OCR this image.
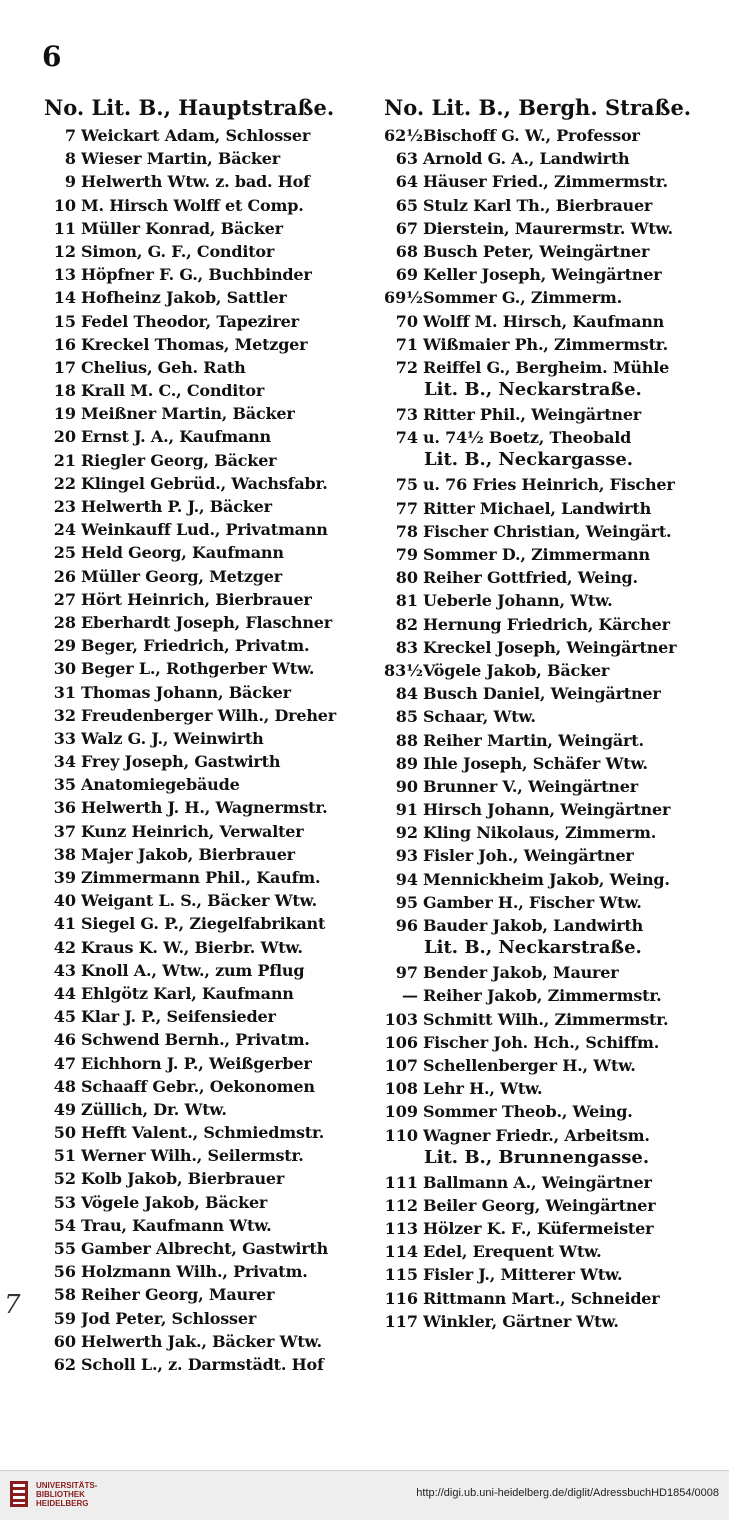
6
No. Lit. B., Hauptstraße.
7 Weickart Adam, Schlosser
8 Wieser Martin, Bäcker
9 Helwerth Wtw. z. bad. Hof
10 M. Hirsch Wolff et Comp.
11 Müller Konrad, Bäcker
12 Simon, G. F., Conditor
13 Höpfner F. G., Buchbinder
14 Hofheinz Jakob, Sattler
15 Fedel Theodor, Tapezirer
16 Kreckel Thomas, Metzger
17 Chelius, Geh. Rath
18 Krall M. C., Conditor
19 Meißner Martin, Bäcker
20 Ernst J. A., Kaufmann
21 Riegler Georg, Bäcker
22 Klingel Gebrüd., Wachsfabr.
23 Helwerth P. J., Bäcker
24 Weinkauff Lud., Privatmann
25 Held Georg, Kaufmann
26 Müller Georg, Metzger
27 Hört Heinrich, Bierbrauer
28 Eberhardt Joseph, Flaschner
29 Beger, Friedrich, Privatm.
30 Beger L., Rothgerber Wtw.
31 Thomas Johann, Bäcker
32 Freudenberger Wilh., Dreher
33 Walz G. J., Weinwirth
34 Frey Joseph, Gastwirth
35 Anatomiegebäude
36 Helwerth J. H., Wagnermstr.
37 Kunz Heinrich, Verwalter
38 Majer Jakob, Bierbrauer
39 Zimmermann Phil., Kaufm.
40 Weigant L. S., Bäcker Wtw.
41 Siegel G. P., Ziegelfabrikant
42 Kraus K. W., Bierbr. Wtw.
43 Knoll A., Wtw., zum Pflug
44 Ehlgötz Karl, Kaufmann
45 Klar J. P., Seifensieder
46 Schwend Bernh., Privatm.
47 Eichhorn J. P., Weißgerber
48 Schaaff Gebr., Oekonomen
49 Züllich, Dr. Wtw.
50 Hefft Valent., Schmiedmstr.
51 Werner Wilh., Seilermstr.
52 Kolb Jakob, Bierbrauer
53 Vögele Jakob, Bäcker
54 Trau, Kaufmann Wtw.
55 Gamber Albrecht, Gastwirth
56 Holzmann Wilh., Privatm.
58 Reiher Georg, Maurer
59 Jod Peter, Schlosser
60 Helwerth Jak., Bäcker Wtw.
62 Scholl L., z. Darmstädt. Hof
No. Lit. B., Bergh. Straße.
62½ Bischoff G. W., Professor
63 Arnold G. A., Landwirth
64 Häuser Fried., Zimmermstr.
65 Stulz Karl Th., Bierbrauer
67 Dierstein, Maurermstr. Wtw.
68 Busch Peter, Weingärtner
69 Keller Joseph, Weingärtner
69½ Sommer G., Zimmerm.
70 Wolff M. Hirsch, Kaufmann
71 Wißmaier Ph., Zimmermstr.
72 Reiffel G., Bergheim. Mühle
Lit. B., Neckarstraße.
73 Ritter Phil., Weingärtner
74 u. 74½ Boetz, Theobald
Lit. B., Neckargasse.
75 u. 76 Fries Heinrich, Fischer
77 Ritter Michael, Landwirth
78 Fischer Christian, Weingärt.
79 Sommer D., Zimmermann
80 Reiher Gottfried, Weing.
81 Ueberle Johann, Wtw.
82 Hernung Friedrich, Kärcher
83 Kreckel Joseph, Weingärtner
83½ Vögele Jakob, Bäcker
84 Busch Daniel, Weingärtner
85 Schaar, Wtw.
88 Reiher Martin, Weingärt.
89 Ihle Joseph, Schäfer Wtw.
90 Brunner V., Weingärtner
91 Hirsch Johann, Weingärtner
92 Kling Nikolaus, Zimmerm.
93 Fisler Joh., Weingärtner
94 Mennickheim Jakob, Weing.
95 Gamber H., Fischer Wtw.
96 Bauder Jakob, Landwirth
Lit. B., Neckarstraße.
97 Bender Jakob, Maurer
— Reiher Jakob, Zimmermstr.
103 Schmitt Wilh., Zimmermstr.
106 Fischer Joh. Hch., Schiffm.
107 Schellenberger H., Wtw.
108 Lehr H., Wtw.
109 Sommer Theob., Weing.
110 Wagner Friedr., Arbeitsm.
Lit. B., Brunnengasse.
111 Ballmann A., Weingärtner
112 Beiler Georg, Weingärtner
113 Hölzer K. F., Küfermeister
114 Edel, Erequent Wtw.
115 Fisler J., Mitterer Wtw.
116 Rittmann Mart., Schneider
117 Winkler, Gärtner Wtw.
7
UNIVERSITÄTS-
BIBLIOTHEK
HEIDELBERG
http://digi.ub.uni-heidelberg.de/diglit/AdressbuchHD1854/0008
